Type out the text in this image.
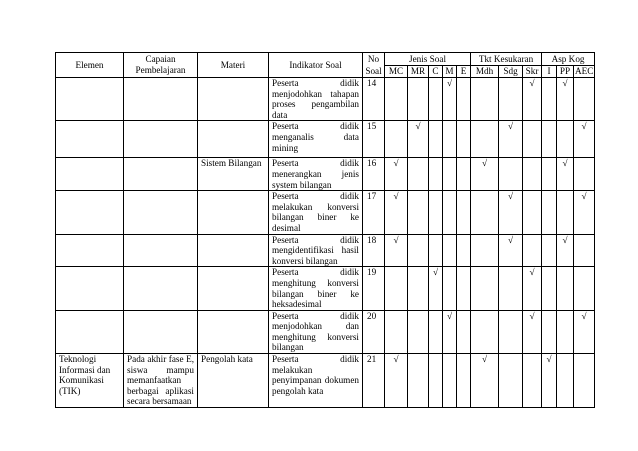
Elemen	Capaian
Pembelajaran	Materi	Indikator Soal	No
Soal	Jenis Soal					Tkt Kesukaran			Asp Kog		
					MC	MR	C	M	E	Mdh	Sdg	Skr	I	PP	AEC
			Peserta didik menjodohkan tahapan proses pengambilan data	14				√				√		√	
			Peserta didik menganalis data mining	15		√					√				√
		Sistem Bilangan	Peserta didik menerangkan jenis system bilangan	16	√					√				√	
			Peserta didik melakukan konversi bilangan biner ke desimal	17	√						√				√
			Peserta didik mengidentifikasi hasil konversi bilangan	18	√						√			√	
			Peserta didik menghitung konversi bilangan biner ke heksadesimal	19			√					√			
			Peserta didik menjodohkan dan menghitung konversi bilangan	20				√				√			√
Teknologi Informasi dan Komunikasi (TIK)	Pada akhir fase E, siswa mampu memanfaatkan berbagai aplikasi secara bersamaan	Pengolah kata	Peserta didik melakukan penyimpanan dokumen pengolah kata	21	√					√			√		
